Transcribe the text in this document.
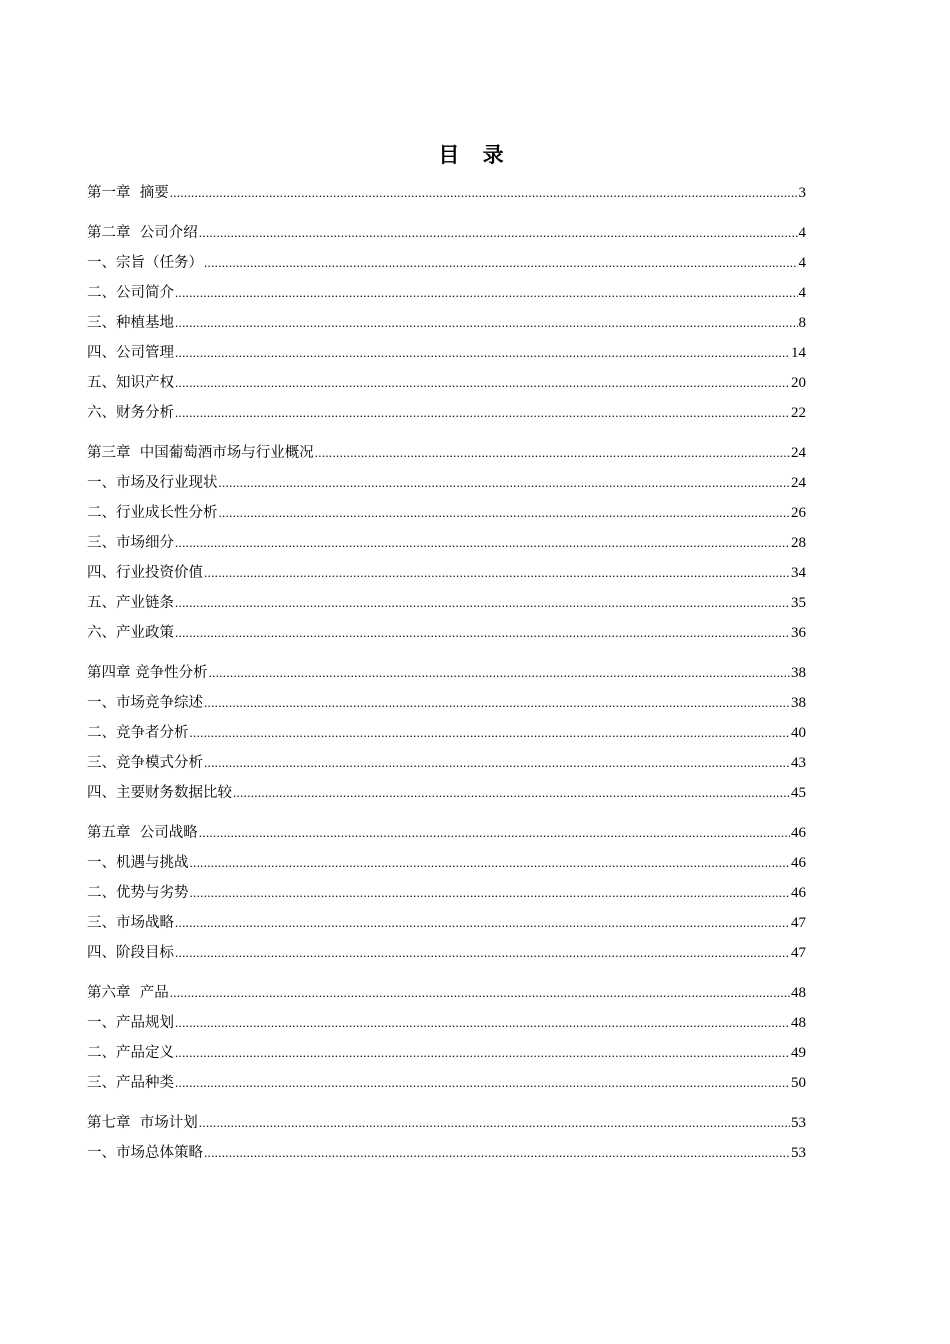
目 录
第一章  摘要 .....	3
第二章  公司介绍 .....	4
一、宗旨（任务） .....	4
二、公司简介 .....	4
三、种植基地 .....	8
四、公司管理 .....	14
五、知识产权 .....	20
六、财务分析 .....	22
第三章  中国葡萄酒市场与行业概况 .....	24
一、市场及行业现状 .....	24
二、行业成长性分析 .....	26
三、市场细分 .....	28
四、行业投资价值 .....	34
五、产业链条 .....	35
六、产业政策 .....	36
第四章 竞争性分析 .....	38
一、市场竞争综述 .....	38
二、竞争者分析 .....	40
三、竞争模式分析 .....	43
四、主要财务数据比较 .....	45
第五章  公司战略 .....	46
一、机遇与挑战 .....	46
二、优势与劣势 .....	46
三、市场战略 .....	47
四、阶段目标 .....	47
第六章  产品 .....	48
一、产品规划 .....	48
二、产品定义 .....	49
三、产品种类 .....	50
第七章  市场计划 .....	53
一、市场总体策略 .....	53
